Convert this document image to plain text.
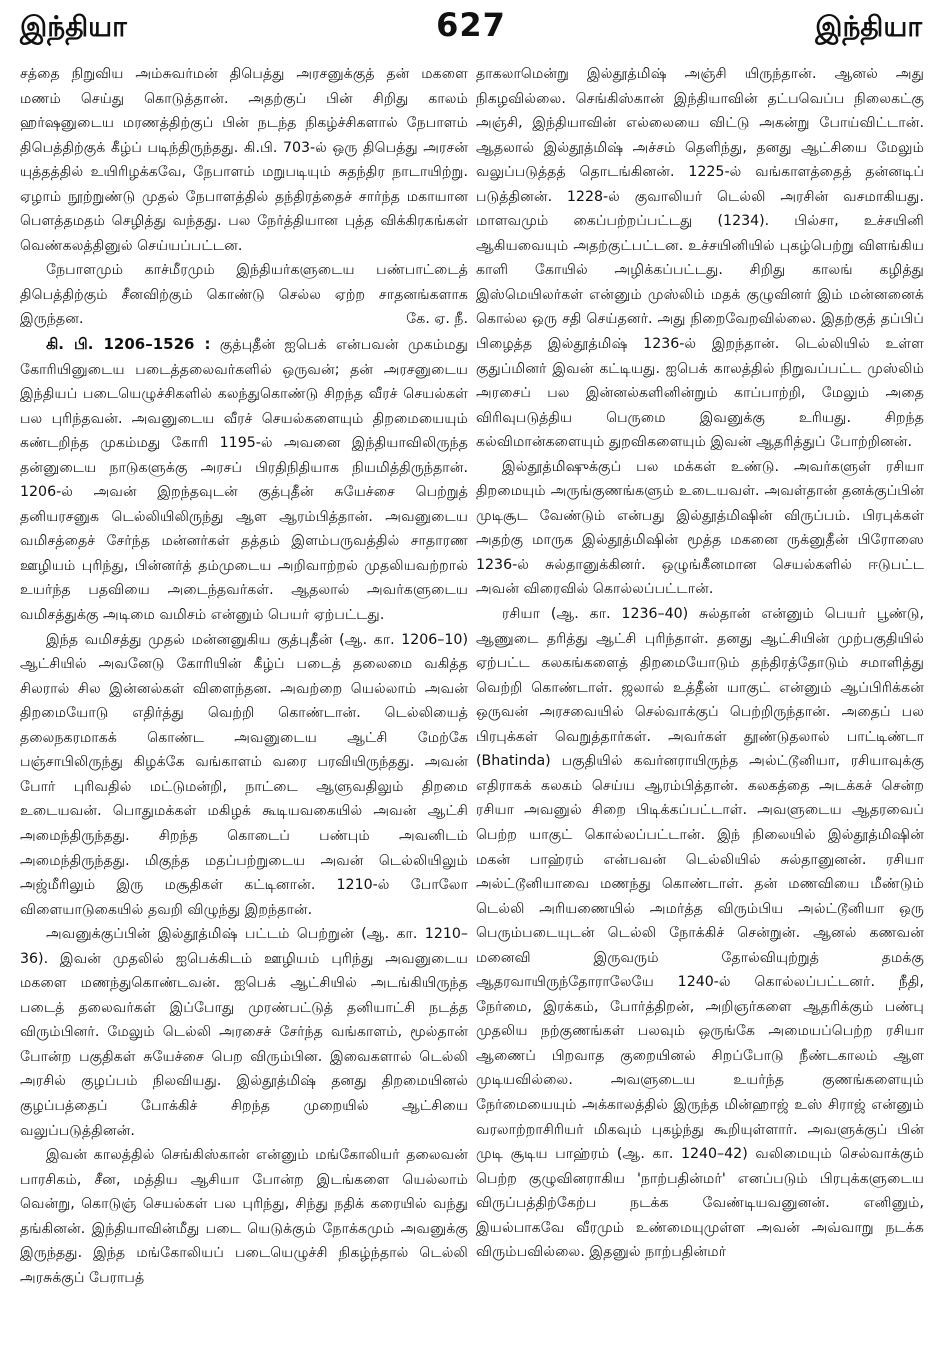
இந்தியா	627	இந்தியா

சத்தை நிறுவிய அம்சுவர்மன் திபெத்து அரசனுக்குத் தன் மகளை மணம் செய்து கொடுத்தான். அதற்குப் பின் சிறிது காலம் ஹர்ஷனுடைய மரணத்திற்குப் பின் நடந்த நிகழ்ச்சிகளால் நேபாளம் திபெத்திற்குக் கீழ்ப் படிந்திருந்தது. கி.பி. 703-ல் ஒரு திபெத்து அரசன் யுத்தத்தில் உயிரிழக்கவே, நேபாளம் மறுபடியும் சுதந்திர நாடாயிற்று. ஏழாம் நூற்றுண்டு முதல் நேபாளத்தில் தந்திரத்தைச் சார்ந்த மகாயான பௌத்தமதம் செழித்து வந்தது. பல நேர்த்தியான புத்த விக்கிரகங்கள் வெண்கலத்தினுல் செய்யப்பட்டன.

நேபாளமும் காச்மீரமும் இந்தியர்களுடைய பண்பாட்டைத் திபெத்திற்கும் சீனவிற்கும் கொண்டு செல்ல ஏற்ற சாதனங்களாக இருந்தன.	கே. ஏ. நீ.

கி. பி. 1206–1526 : குத்புதீன் ஐபெக் என்பவன் முகம்மது கோரியினுடைய படைத்தலைவர்களில் ஒருவன்; தன் அரசனுடைய இந்தியப் படையெழுச்சிகளில் கலந்துகொண்டு சிறந்த வீரச் செயல்கள் பல புரிந்தவன். அவனுடைய வீரச் செயல்களையும் திறமையையும் கண்டறிந்த முகம்மது கோரி 1195-ல் அவனை இந்தியாவிலிருந்த தன்னுடைய நாடுகளுக்கு அரசப் பிரதிநிதியாக நியமித்திருந்தான். 1206-ல் அவன் இறந்தவுடன் குத்புதீன் சுயேச்சை பெற்றுத் தனியரசனுக டெல்லியிலிருந்து ஆள ஆரம்பித்தான். அவனுடைய வமிசத்தைச் சேர்ந்த மன்னர்கள் தத்தம் இளம்பருவத்தில் சாதாரண ஊழியம் புரிந்து, பின்னர்த் தம்முடைய அறிவாற்றல் முதலியவற்றால் உயர்ந்த பதவியை அடைந்தவர்கள். ஆதலால் அவர்களுடைய வமிசத்துக்கு அடிமை வமிசம் என்னும் பெயர் ஏற்பட்டது.

இந்த வமிசத்து முதல் மன்னனுகிய குத்புதீன் (ஆ. கா. 1206–10) ஆட்சியில் அவனேடு கோரியின் கீழ்ப் படைத் தலைமை வகித்த சிலரால் சில இன்னல்கள் விளைந்தன. அவற்றை யெல்லாம் அவன் திறமையோடு எதிர்த்து வெற்றி கொண்டான். டெல்லியைத் தலைநகரமாகக் கொண்ட அவனுடைய ஆட்சி மேற்கே பஞ்சாபிலிருந்து கிழக்கே வங்காளம் வரை பரவியிருந்தது. அவன் போர் புரிவதில் மட்டுமன்றி, நாட்டை ஆளுவதிலும் திறமை உடையவன். பொதுமக்கள் மகிழக் கூடியவகையில் அவன் ஆட்சி அமைந்திருந்தது. சிறந்த கொடைப் பண்பும் அவனிடம் அமைந்திருந்தது. மிகுந்த மதப்பற்றுடைய அவன் டெல்லியிலும் அஜ்மீரிலும் இரு மசூதிகள் கட்டினான். 1210-ல் போலோ விளையாடுகையில் தவறி விழுந்து இறந்தான்.

அவனுக்குப்பின் இல்தூத்மிஷ் பட்டம் பெற்றுன் (ஆ. கா. 1210–36). இவன் முதலில் ஐபெக்கிடம் ஊழியம் புரிந்து அவனுடைய மகளை மணந்துகொண்டவன். ஐபெக் ஆட்சியில் அடங்கியிருந்த படைத் தலைவர்கள் இப்போது முரண்பட்டுத் தனியாட்சி நடத்த விரும்பினர். மேலும் டெல்லி அரசைச் சேர்ந்த வங்காளம், மூல்தான் போன்ற பகுதிகள் சுயேச்சை பெற விரும்பின. இவைகளால் டெல்லி அரசில் குழப்பம் நிலவியது. இல்தூத்மிஷ் தனது திறமையினல் குழப்பத்தைப் போக்கிச் சிறந்த முறையில் ஆட்சியை வலுப்படுத்தினன்.

இவன் காலத்தில் செங்கிஸ்கான் என்னும் மங்கோலியர் தலைவன் பாரசிகம், சீன, மத்திய ஆசியா போன்ற இடங்களை யெல்லாம் வென்று, கொடுஞ் செயல்கள் பல புரிந்து, சிந்து நதிக் கரையில் வந்து தங்கினன். இந்தியாவின்மீது படை யெடுக்கும் நோக்கமும் அவனுக்கு இருந்தது. இந்த மங்கோலியப் படையெழுச்சி நிகழ்ந்தால் டெல்லி அரசுக்குப் பேராபத்

தாகலாமென்று இல்தூத்மிஷ் அஞ்சி யிருந்தான். ஆனல் அது நிகழவில்லை. செங்கிஸ்கான் இந்தியாவின் தட்பவெப்ப நிலைகட்கு அஞ்சி, இந்தியாவின் எல்லையை விட்டு அகன்று போய்விட்டான். ஆதலால் இல்தூத்மிஷ் அச்சம் தெளிந்து, தனது ஆட்சியை மேலும் வலுப்படுத்தத் தொடங்கினன். 1225-ல் வங்காளத்தைத் தன்னடிப் படுத்தினன். 1228-ல் குவாலியர் டெல்லி அரசின் வசமாகியது. மாளவமும் கைப்பற்றப்பட்டது (1234). பில்சா, உச்சயினி ஆகியவையும் அதற்குட்பட்டன. உச்சயினியில் புகழ்பெற்று விளங்கிய காளி கோயில் அழிக்கப்பட்டது. சிறிது காலங் கழித்து இஸ்மெயிலர்கள் என்னும் முஸ்லிம் மதக் குழுவினர் இம் மன்னனைக் கொல்ல ஒரு சதி செய்தனர். அது நிறைவேறவில்லை. இதற்குத் தப்பிப் பிழைத்த இல்தூத்மிஷ் 1236-ல் இறந்தான். டெல்லியில் உள்ள குதுப்மினர் இவன் கட்டியது. ஐபெக் காலத்தில் நிறுவப்பட்ட முஸ்லிம் அரசைப் பல இன்னல்களினின்றும் காப்பாற்றி, மேலும் அதை விரிவுபடுத்திய பெருமை இவனுக்கு உரியது. சிறந்த கல்விமான்களையும் துறவிகளையும் இவன் ஆதரித்துப் போற்றினன்.

இல்தூத்மிஷுக்குப் பல மக்கள் உண்டு. அவர்களுள் ரசியா திறமையும் அருங்குணங்களும் உடையவள். அவள்தான் தனக்குப்பின் முடிசூட வேண்டும் என்பது இல்தூத்மிஷின் விருப்பம். பிரபுக்கள் அதற்கு மாருக இல்தூத்மிஷின் மூத்த மகனை ருக்னுதீன் பிரோஸை 1236-ல் சுல்தானுக்கினர். ஒழுங்கீனமான செயல்களில் ஈடுபட்ட அவன் விரைவில் கொல்லப்பட்டான்.

ரசியா (ஆ. கா. 1236–40) சுல்தான் என்னும் பெயர் பூண்டு, ஆணுடை தரித்து ஆட்சி புரிந்தாள். தனது ஆட்சியின் முற்பகுதியில் ஏற்பட்ட கலகங்களைத் திறமையோடும் தந்திரத்தோடும் சமாளித்து வெற்றி கொண்டாள். ஜலால் உத்தீன் யாகுட் என்னும் ஆப்பிரிக்கன் ஒருவன் அரசவையில் செல்வாக்குப் பெற்றிருந்தான். அதைப் பல பிரபுக்கள் வெறுத்தார்கள். அவர்கள் தூண்டுதலால் பாட்டிண்டா (Bhatinda) பகுதியில் கவர்னராயிருந்த அல்ட்டூனியா, ரசியாவுக்கு எதிராகக் கலகம் செய்ய ஆரம்பித்தான். கலகத்தை அடக்கச் சென்ற ரசியா அவனுல் சிறை பிடிக்கப்பட்டாள். அவளுடைய ஆதரவைப் பெற்ற யாகுட் கொல்லப்பட்டான். இந் நிலையில் இல்தூத்மிஷின் மகன் பாஹ்ரம் என்பவன் டெல்லியில் சுல்தானுனன். ரசியா அல்ட்டூனியாவை மணந்து கொண்டாள். தன் மணவியை மீண்டும் டெல்லி அரியணையில் அமர்த்த விரும்பிய அல்ட்டூனியா ஒரு பெரும்படையுடன் டெல்லி நோக்கிச் சென்றுன். ஆனல் கணவன் மனைவி இருவரும் தோல்வியுற்றுத் தமக்கு ஆதரவாயிருந்தோராலேயே 1240-ல் கொல்லப்பட்டனர். நீதி, நேர்மை, இரக்கம், போர்த்திறன், அறிஞர்களை ஆதரிக்கும் பண்பு முதலிய நற்குணங்கள் பலவும் ஒருங்கே அமையப்பெற்ற ரசியா ஆணைப் பிறவாத குறையினல் சிறப்போடு நீண்டகாலம் ஆள முடியவில்லை. அவளுடைய உயர்ந்த குணங்களையும் நேர்மையையும் அக்காலத்தில் இருந்த மின்ஹாஜ் உஸ் சிராஜ் என்னும் வரலாற்றாசிரியர் மிகவும் புகழ்ந்து கூறியுள்ளார். அவளுக்குப் பின் முடி சூடிய பாஹ்ரம் (ஆ. கா. 1240–42) வலிமையும் செல்வாக்கும் பெற்ற குழுவினராகிய 'நாற்பதின்மர்' எனப்படும் பிரபுக்களுடைய விருப்பத்திற்கேற்ப நடக்க வேண்டியவனுனன். எனினும், இயல்பாகவே வீரமும் உண்மையுமுள்ள அவன் அவ்வாறு நடக்க விரும்பவில்லை. இதனுல் நாற்பதின்மர்
